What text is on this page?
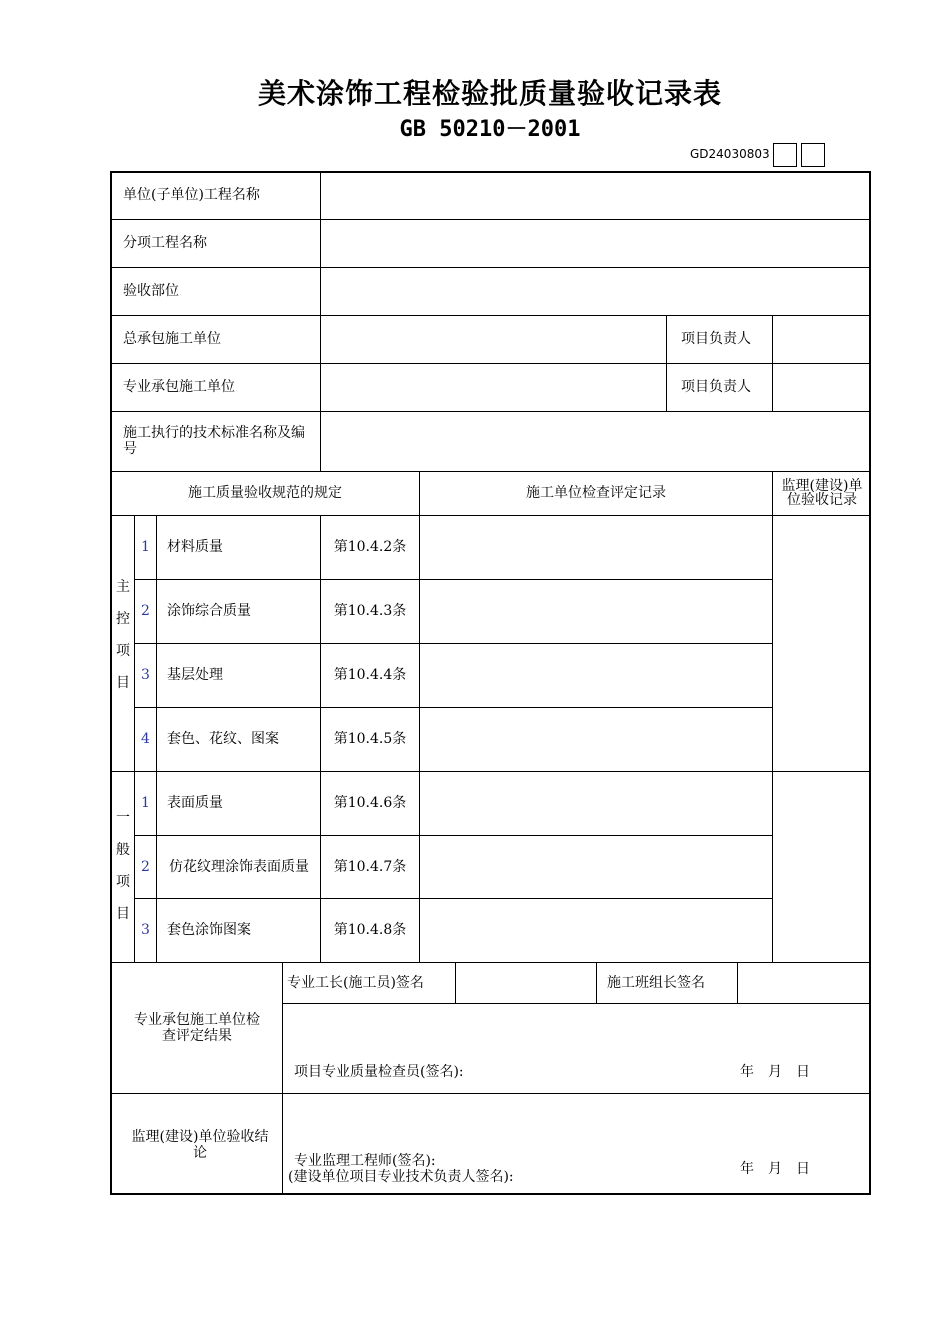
美术涂饰工程检验批质量验收记录表
GB 50210－2001
GD24030803
单位(子单位)工程名称
分项工程名称
验收部位
总承包施工单位	项目负责人
专业承包施工单位	项目负责人
施工执行的技术标准名称及编号
施工质量验收规范的规定	施工单位检查评定记录	监理(建设)单位验收记录
主控项目
1	材料质量	第10.4.2条
2	涂饰综合质量	第10.4.3条
3	基层处理	第10.4.4条
4	套色、花纹、图案	第10.4.5条
一般项目
1	表面质量	第10.4.6条
2	仿花纹理涂饰表面质量	第10.4.7条
3	套色涂饰图案	第10.4.8条
专业承包施工单位检查评定结果
专业工长(施工员)签名	施工班组长签名
项目专业质量检查员(签名):	年　月　日
监理(建设)单位验收结论
专业监理工程师(签名):
(建设单位项目专业技术负责人签名):	年　月　日
